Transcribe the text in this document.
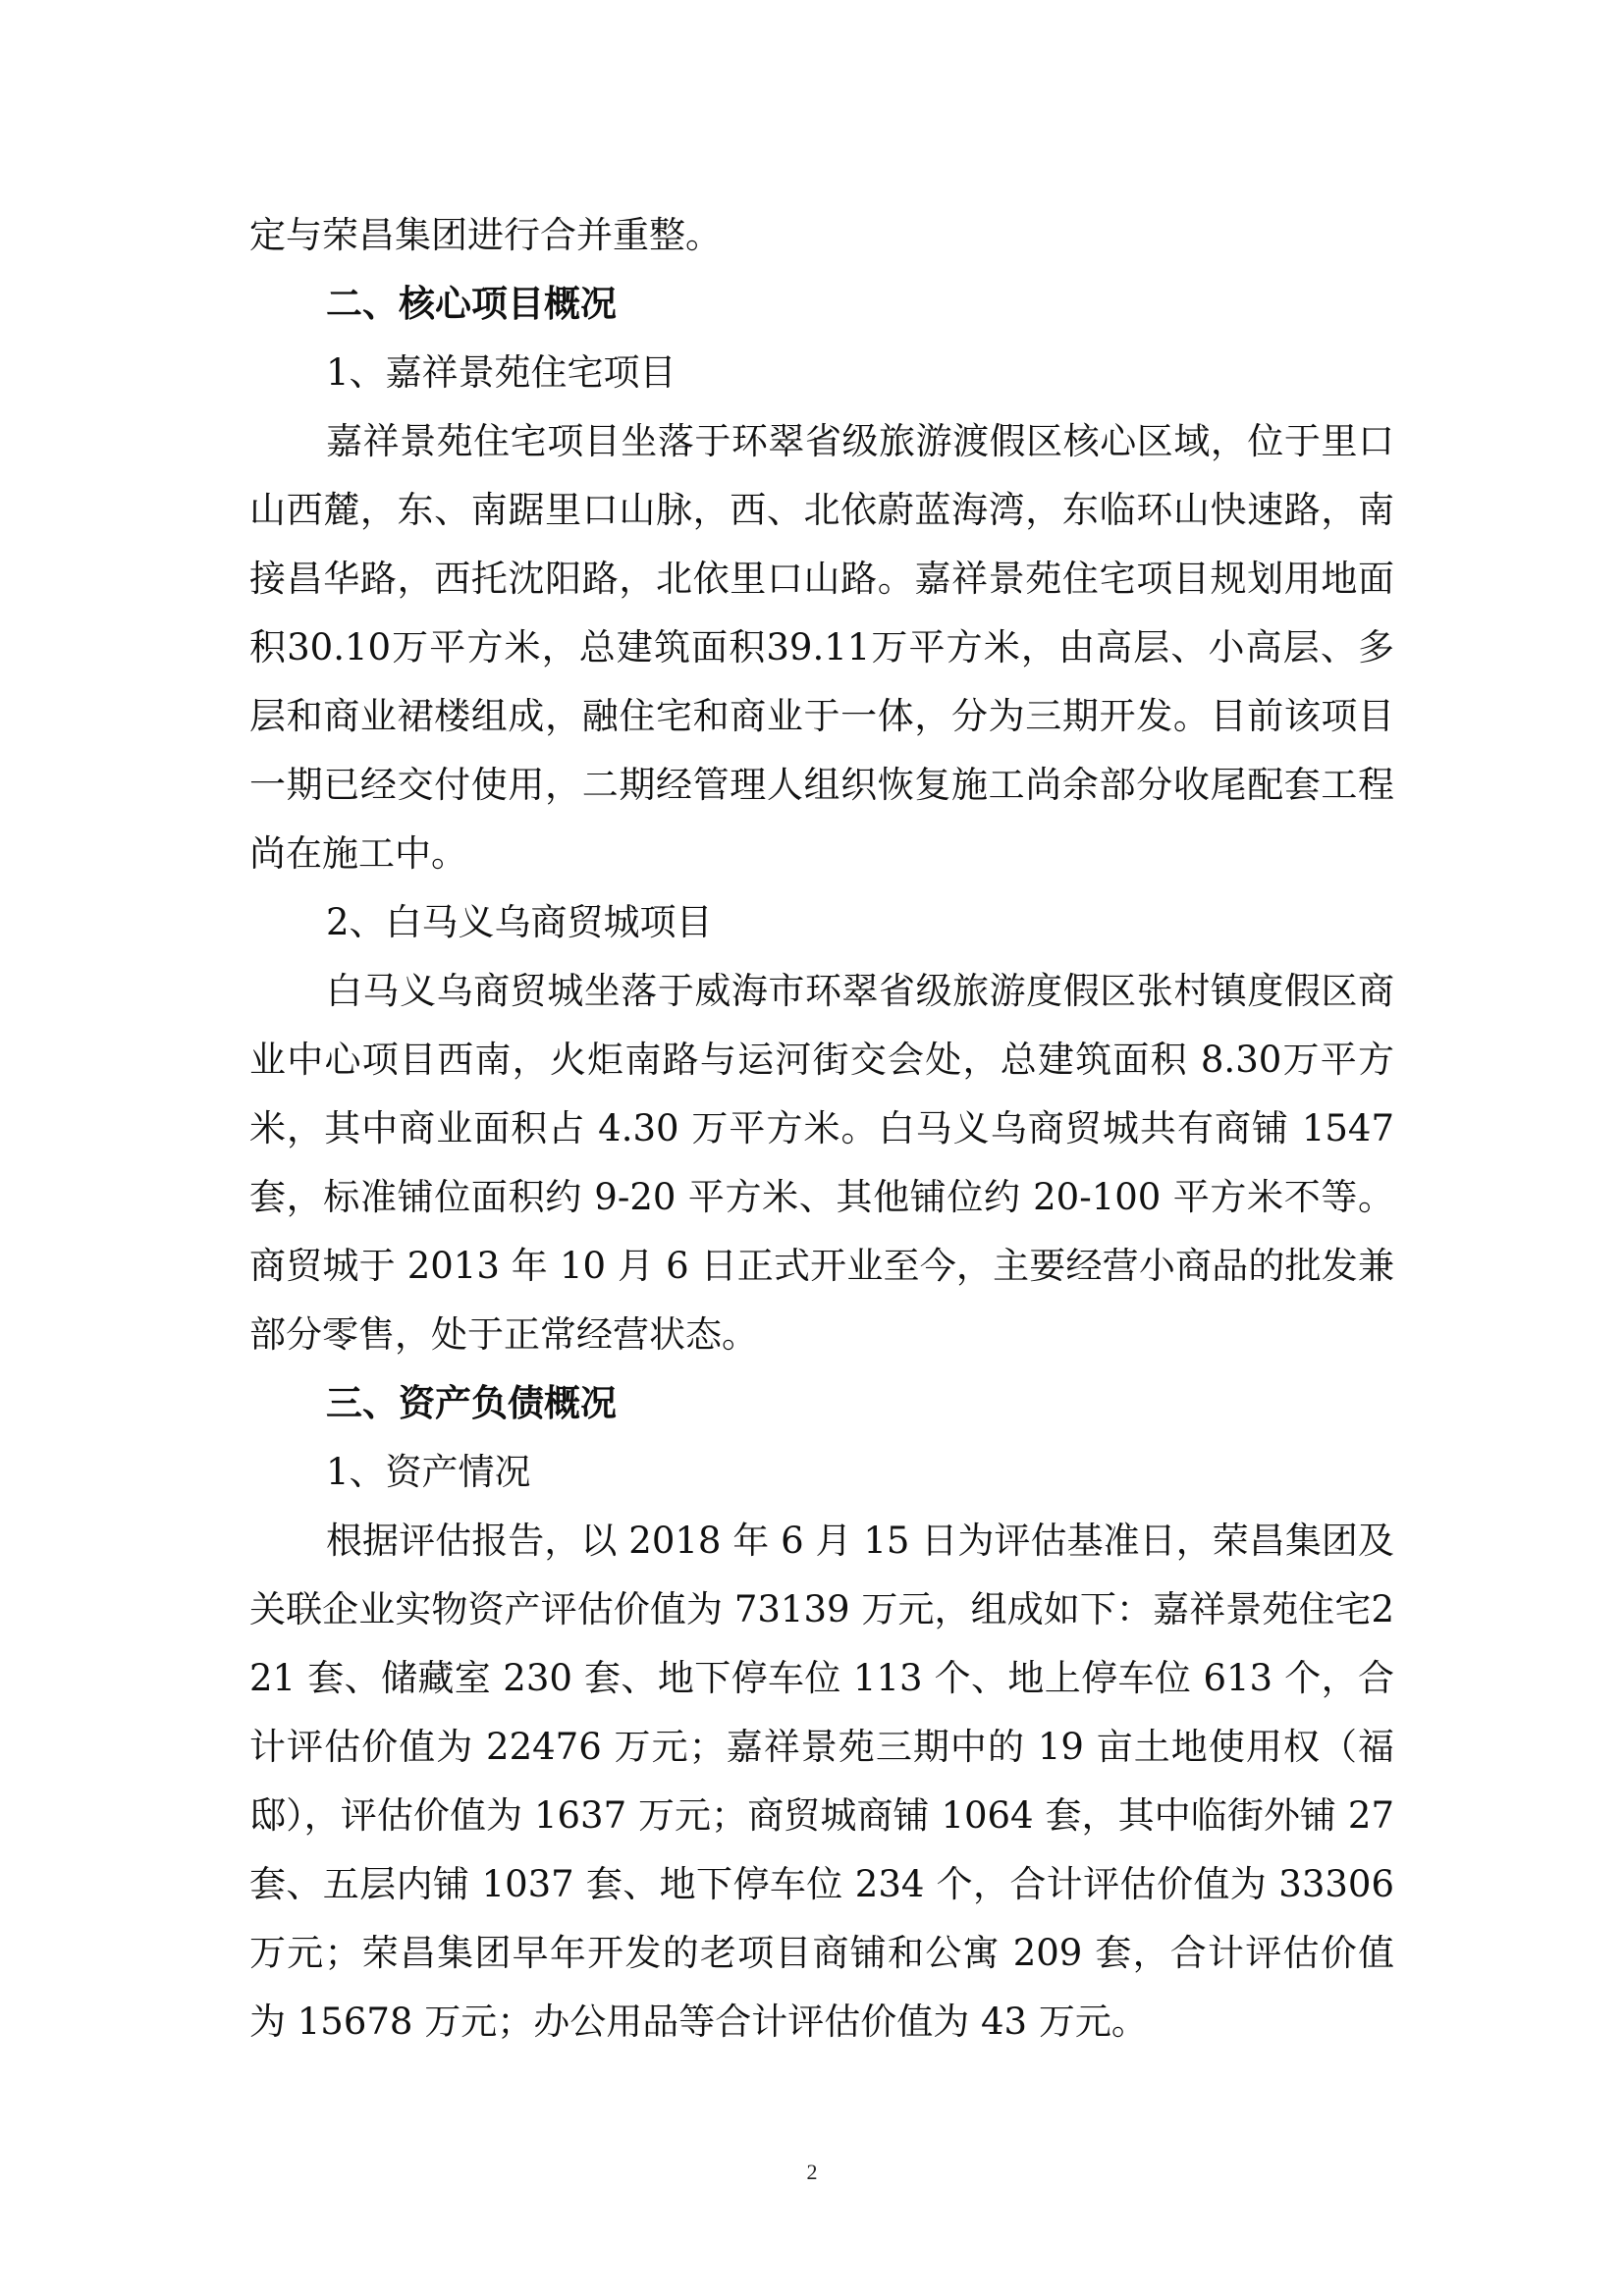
定与荣昌集团进行合并重整。

二、核心项目概况

1、嘉祥景苑住宅项目

嘉祥景苑住宅项目坐落于环翠省级旅游渡假区核心区域，位于里口山西麓，东、南踞里口山脉，西、北依蔚蓝海湾，东临环山快速路，南接昌华路，西托沈阳路，北依里口山路。嘉祥景苑住宅项目规划用地面积30.10万平方米，总建筑面积39.11万平方米，由高层、小高层、多层和商业裙楼组成，融住宅和商业于一体，分为三期开发。目前该项目一期已经交付使用，二期经管理人组织恢复施工尚余部分收尾配套工程尚在施工中。

2、白马义乌商贸城项目

白马义乌商贸城坐落于威海市环翠省级旅游度假区张村镇度假区商业中心项目西南，火炬南路与运河街交会处，总建筑面积 8.30万平方米，其中商业面积占 4.30 万平方米。白马义乌商贸城共有商铺 1547 套，标准铺位面积约 9-20 平方米、其他铺位约 20-100 平方米不等。商贸城于 2013 年 10 月 6 日正式开业至今，主要经营小商品的批发兼部分零售，处于正常经营状态。

三、资产负债概况

1、资产情况

根据评估报告，以 2018 年 6 月 15 日为评估基准日，荣昌集团及关联企业实物资产评估价值为 73139 万元，组成如下：嘉祥景苑住宅221 套、储藏室 230 套、地下停车位 113 个、地上停车位 613 个，合计评估价值为 22476 万元；嘉祥景苑三期中的 19 亩土地使用权（福邸），评估价值为 1637 万元；商贸城商铺 1064 套，其中临街外铺 27套、五层内铺 1037 套、地下停车位 234 个，合计评估价值为 33306万元；荣昌集团早年开发的老项目商铺和公寓 209 套，合计评估价值为 15678 万元；办公用品等合计评估价值为 43 万元。

2
